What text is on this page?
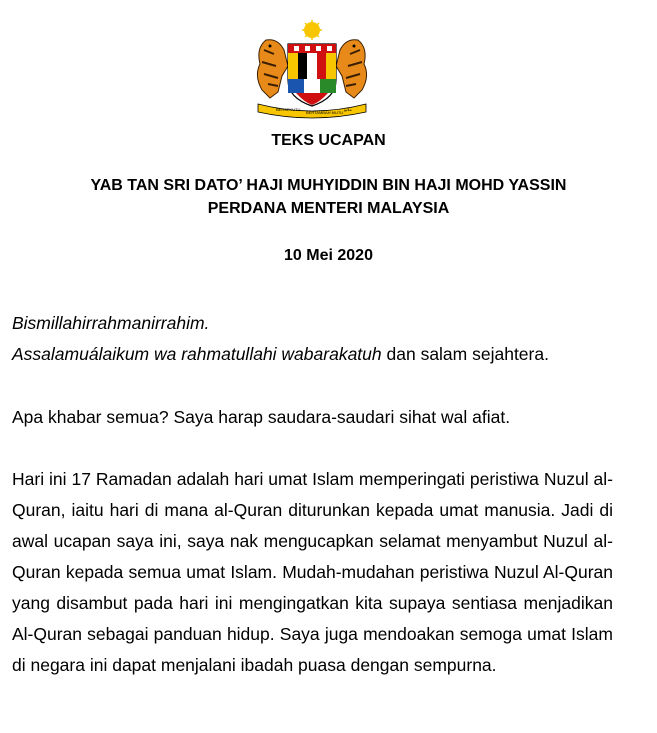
BERSEKUTU
BERTAMBAH MUTU
ملايو
TEKS UCAPAN
YAB TAN SRI DATO’ HAJI MUHYIDDIN BIN HAJI MOHD YASSIN
PERDANA MENTERI MALAYSIA
10 Mei 2020

Bismillahirrahmanirrahim.
Assalamuálaikum wa rahmatullahi wabarakatuh dan salam sejahtera.

Apa khabar semua? Saya harap saudara-saudari sihat wal afiat.

Hari ini 17 Ramadan adalah hari umat Islam memperingati peristiwa Nuzul al-Quran, iaitu hari di mana al-Quran diturunkan kepada umat manusia. Jadi di awal ucapan saya ini, saya nak mengucapkan selamat menyambut Nuzul al-Quran kepada semua umat Islam. Mudah-mudahan peristiwa Nuzul Al-Quran yang disambut pada hari ini mengingatkan kita supaya sentiasa menjadikan Al-Quran sebagai panduan hidup. Saya juga mendoakan semoga umat Islam di negara ini dapat menjalani ibadah puasa dengan sempurna.
